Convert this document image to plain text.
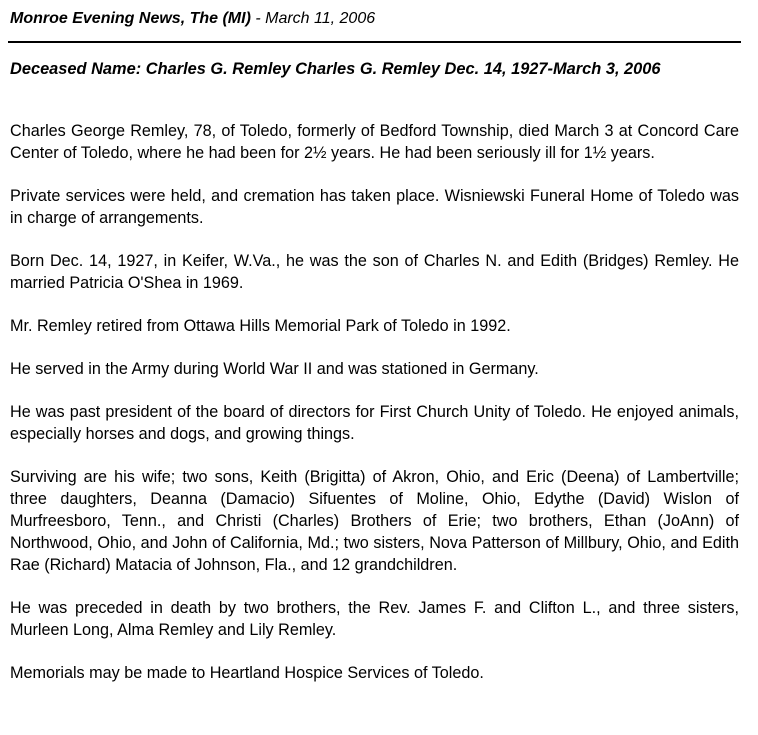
Monroe Evening News, The (MI) - March 11, 2006
Deceased Name: Charles G. Remley Charles G. Remley Dec. 14, 1927-March 3, 2006

Charles George Remley, 78, of Toledo, formerly of Bedford Township, died March 3 at Concord Care Center of Toledo, where he had been for 2½ years. He had been seriously ill for 1½ years.

Private services were held, and cremation has taken place. Wisniewski Funeral Home of Toledo was in charge of arrangements.

Born Dec. 14, 1927, in Keifer, W.Va., he was the son of Charles N. and Edith (Bridges) Remley. He married Patricia O'Shea in 1969.

Mr. Remley retired from Ottawa Hills Memorial Park of Toledo in 1992.

He served in the Army during World War II and was stationed in Germany.

He was past president of the board of directors for First Church Unity of Toledo. He enjoyed animals, especially horses and dogs, and growing things.

Surviving are his wife; two sons, Keith (Brigitta) of Akron, Ohio, and Eric (Deena) of Lambertville; three daughters, Deanna (Damacio) Sifuentes of Moline, Ohio, Edythe (David) Wislon of Murfreesboro, Tenn., and Christi (Charles) Brothers of Erie; two brothers, Ethan (JoAnn) of Northwood, Ohio, and John of California, Md.; two sisters, Nova Patterson of Millbury, Ohio, and Edith Rae (Richard) Matacia of Johnson, Fla., and 12 grandchildren.

He was preceded in death by two brothers, the Rev. James F. and Clifton L., and three sisters, Murleen Long, Alma Remley and Lily Remley.

Memorials may be made to Heartland Hospice Services of Toledo.
